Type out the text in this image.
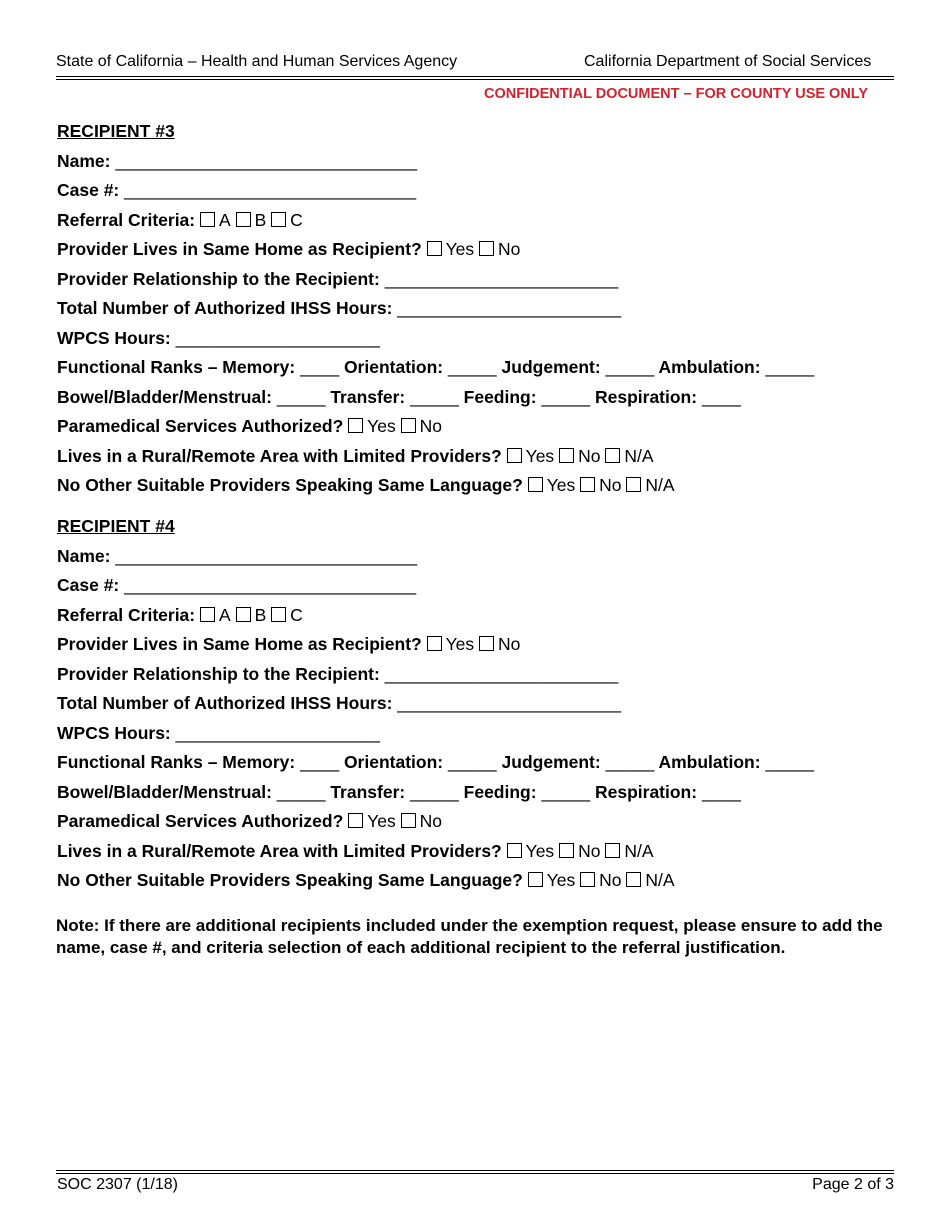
State of California – Health and Human Services Agency	California Department of Social Services
CONFIDENTIAL DOCUMENT – FOR COUNTY USE ONLY
RECIPIENT #3
Name: _______________________________
Case #: ______________________________
Referral Criteria: A B C
Provider Lives in Same Home as Recipient? Yes No
Provider Relationship to the Recipient: ________________________
Total Number of Authorized IHSS Hours: _______________________
WPCS Hours: _____________________
Functional Ranks – Memory: ____ Orientation: _____ Judgement: _____ Ambulation: _____
Bowel/Bladder/Menstrual: _____ Transfer: _____ Feeding: _____ Respiration: ____
Paramedical Services Authorized? Yes No
Lives in a Rural/Remote Area with Limited Providers? Yes No N/A
No Other Suitable Providers Speaking Same Language? Yes No N/A
RECIPIENT #4
Name: _______________________________
Case #: ______________________________
Referral Criteria: A B C
Provider Lives in Same Home as Recipient? Yes No
Provider Relationship to the Recipient: ________________________
Total Number of Authorized IHSS Hours: _______________________
WPCS Hours: _____________________
Functional Ranks – Memory: ____ Orientation: _____ Judgement: _____ Ambulation: _____
Bowel/Bladder/Menstrual: _____ Transfer: _____ Feeding: _____ Respiration: ____
Paramedical Services Authorized? Yes No
Lives in a Rural/Remote Area with Limited Providers? Yes No N/A
No Other Suitable Providers Speaking Same Language? Yes No N/A
Note: If there are additional recipients included under the exemption request, please ensure to add the name, case #, and criteria selection of each additional recipient to the referral justification.
SOC 2307 (1/18)	Page 2 of 3
